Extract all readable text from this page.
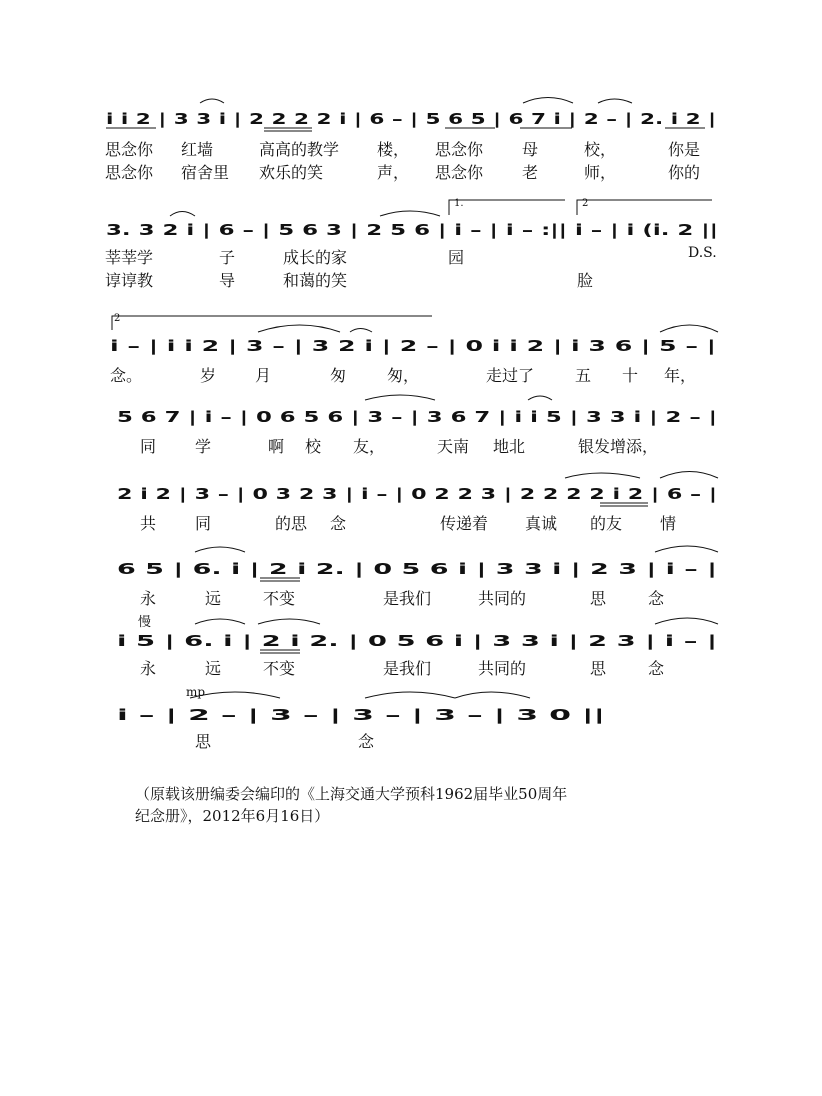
i i 2 | 3 3 i | 2 2 2 2 i | 6 – | 5 6 5 | 6 7 i | 2 – | 2. i 2 |
3. 3 2 i | 6 – | 5 6 3 | 2 5 6 | i – | i – :|| i – | i (i. 2 ||
i – | i i 2 | 3 – | 3 2 i | 2 – | 0 i i 2 | i 3 6 | 5 – |
5 6 7 | i – | 0 6 5 6 | 3 – | 3 6 7 | i i 5 | 3 3 i | 2 – |
2 i 2 | 3 – | 0 3 2 3 | i – | 0 2 2 3 | 2 2 2 2 i 2 | 6 – |
6 5 | 6. i | 2 i 2. | 0 5 6 i | 3 3 i | 2 3 | i – |
i 5 | 6. i | 2 i 2. | 0 5 6 i | 3 3 i | 2 3 | i – |
i – | 2 – | 3 – | 3 – | 3 – | 3 0 ||
1.	2
2
D.S.
慢
mp
思念你 红墙	高高的教学 楼， 思念你 母	校，	你是
思念你 宿舍里 欢乐的笑	声， 思念你 老	师，	你的
莘莘学	子	成长的家	园
谆谆教	导	和蔼的笑	脸
念。	岁 月	匆	匆，	走过了	五 十 年，
同 学	啊 校 友，	天南 地北	银发增添，
共 同	的思 念	传递着 真诚 的友 情
永	远	不变	是我们	共同的	思	念
永	远	不变	是我们	共同的	思	念
思	念
（原载该册编委会编印的《上海交通大学预科1962届毕业50周年
纪念册》，2012年6月16日）
